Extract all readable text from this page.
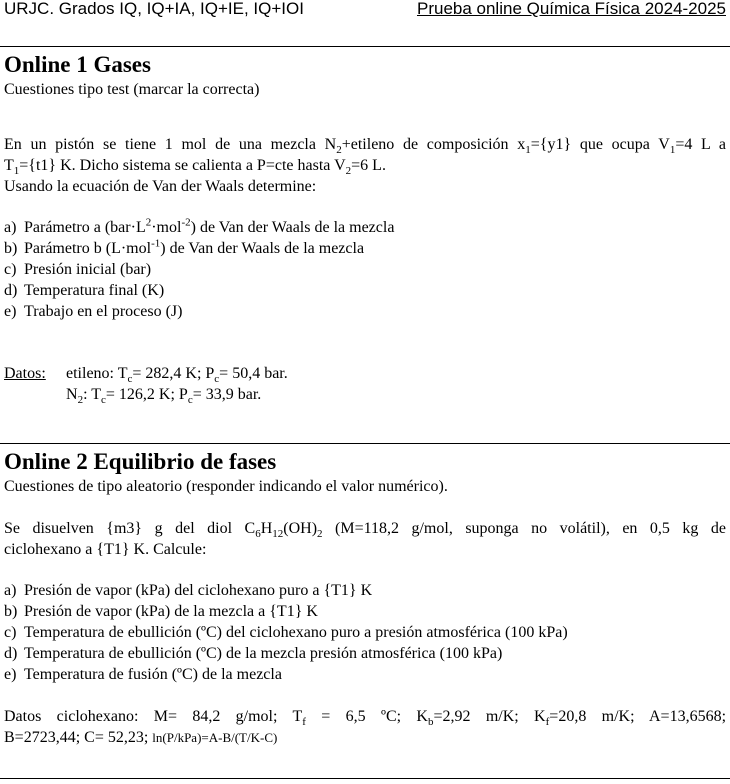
URJC. Grados IQ, IQ+IA, IQ+IE, IQ+IOI	Prueba online Química Física 2024-2025
Online 1 Gases
Cuestiones tipo test (marcar la correcta)
En un pistón se tiene 1 mol de una mezcla $N_2+etileno$ de composición $x_1=\{y1\}$ que ocupa $V_1=4$ L a
$T_1=\{t1\}$ K. Dicho sistema se calienta a P=cte hasta $V_2=6$ L.
Usando la ecuación de Van der Waals determine:
a) Parámetro a $(bar\cdot L^2\cdot mol^{-2})$ de Van der Waals de la mezcla
b) Parámetro b (L·mol$^{-1}$) de Van der Waals de la mezcla
c) Presión inicial (bar)
d) Temperatura final (K)
e) Trabajo en el proceso (J)
Datos: etileno: $T_c= 282,4$ K; $P_c= 50,4$ bar.
$N_2$: $T_c= 126,2$ K; $P_c= 33,9$ bar.
Online 2 Equilibrio de fases
Cuestiones de tipo aleatorio (responder indicando el valor numérico).
Se disuelven {m3} g del diol $C_6H_{12}(OH)_2$ (M=118,2 g/mol, suponga no volátil), en 0,5 kg de
ciclohexano a {T1} K. Calcule:
a) Presión de vapor (kPa) del ciclohexano puro a {T1} K
b) Presión de vapor (kPa) de la mezcla a {T1} K
c) Temperatura de ebullición (ºC) del ciclohexano puro a presión atmosférica (100 kPa)
d) Temperatura de ebullición (ºC) de la mezcla presión atmosférica (100 kPa)
e) Temperatura de fusión (ºC) de la mezcla
Datos ciclohexano: M= 84,2 g/mol; $T_f = 6,5$ ºC; $K_b=2,92$ m/K; $K_f=20,8$ m/K; A=13,6568;
B=2723,44; C= 52,23; ln(P/kPa)=A-B/(T/K-C)
